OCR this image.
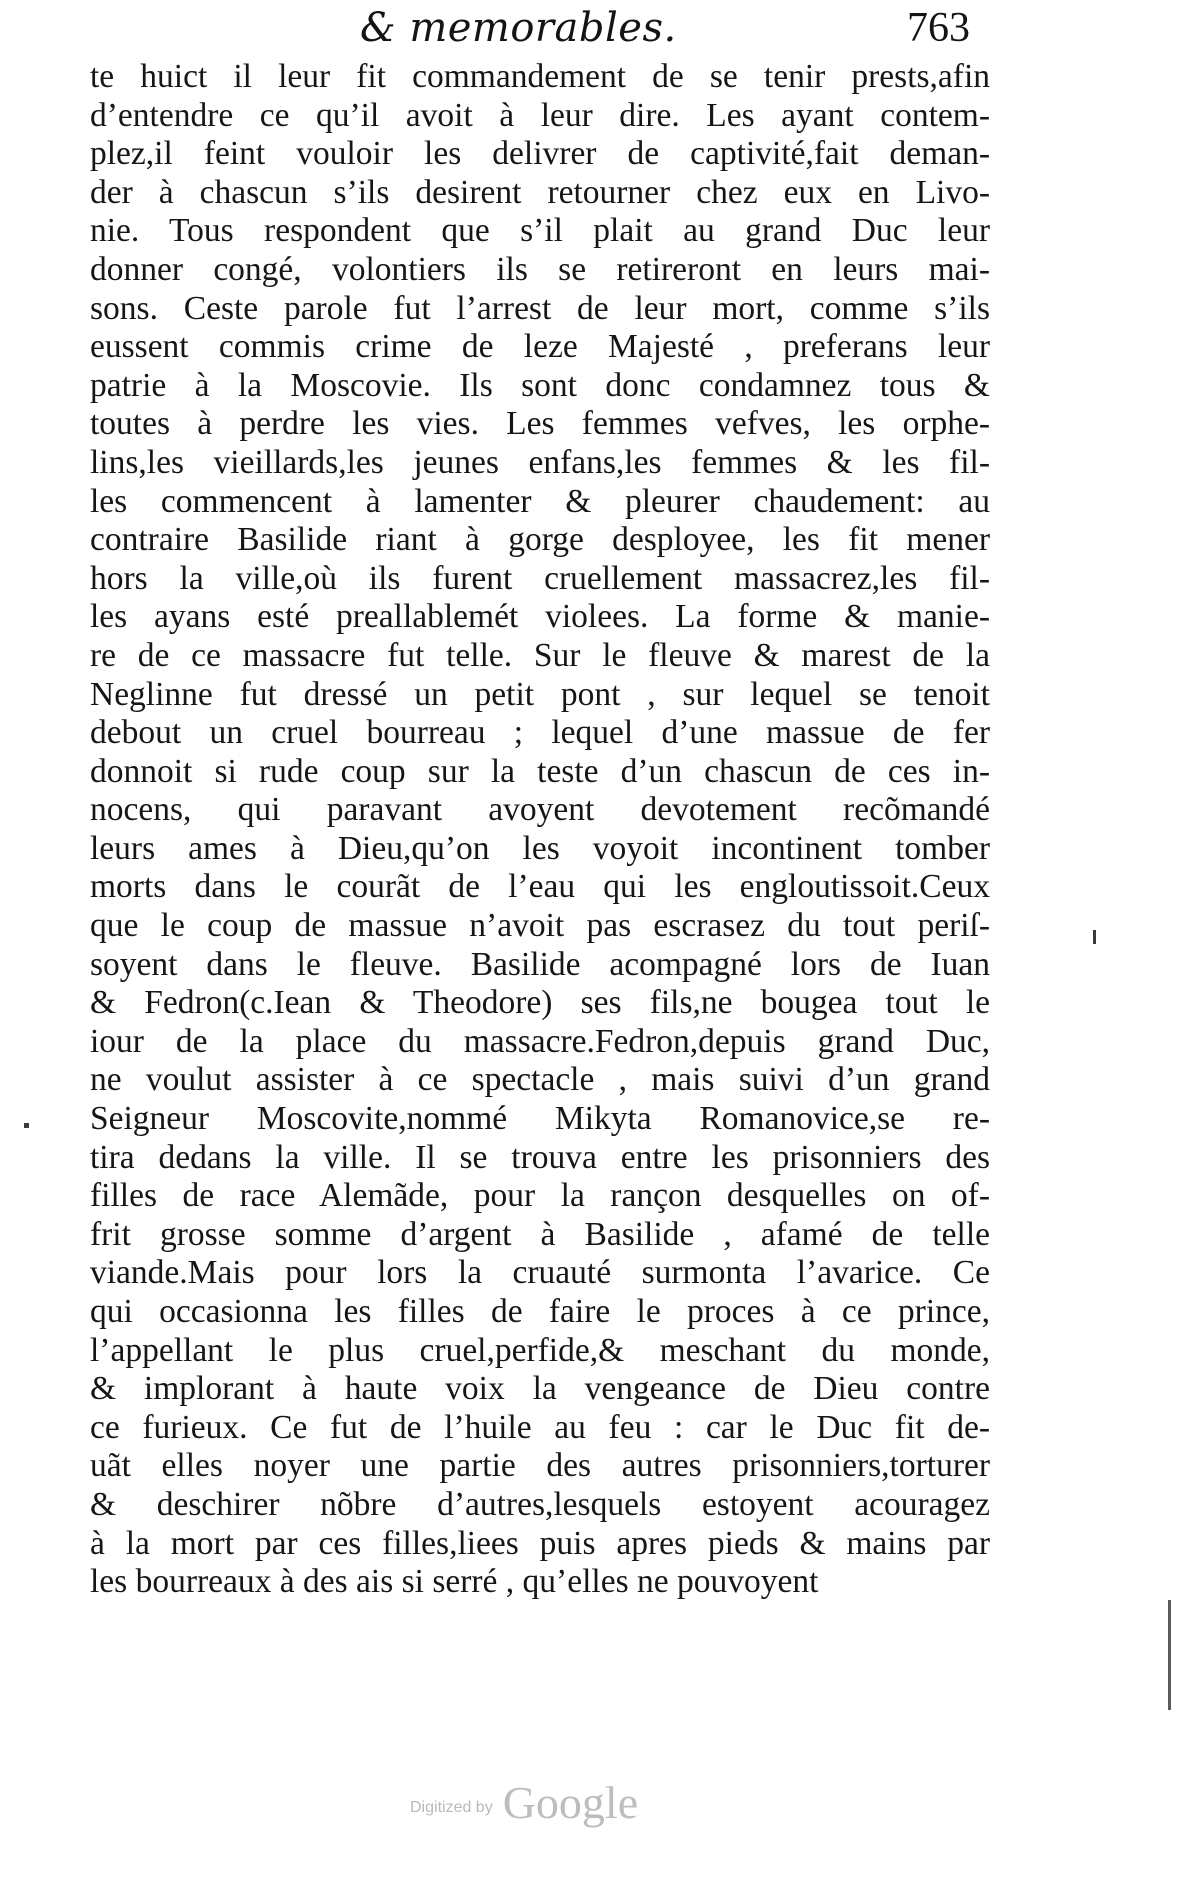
& memorables.	763
te huict il leur fit commandement de se tenir prests,afin
d’entendre ce qu’il avoit à leur dire. Les ayant contem-
plez,il feint vouloir les delivrer de captivité,fait deman-
der à chascun s’ils desirent retourner chez eux en Livo-
nie. Tous respondent que s’il plait au grand Duc leur
donner congé, volontiers ils se retireront en leurs mai-
sons. Ceste parole fut l’arrest de leur mort, comme s’ils
eussent commis crime de leze Majesté , preferans leur
patrie à la Moscovie. Ils sont donc condamnez tous &
toutes à perdre les vies. Les femmes vefves, les orphe-
lins,les vieillards,les jeunes enfans,les femmes & les fil-
les commencent à lamenter & pleurer chaudement: au
contraire Basilide riant à gorge desployee, les fit mener
hors la ville,où ils furent cruellement massacrez,les fil-
les ayans esté preallablemét violees. La forme & manie-
re de ce massacre fut telle. Sur le fleuve & marest de la
Neglinne fut dressé un petit pont , sur lequel se tenoit
debout un cruel bourreau ; lequel d’une massue de fer
donnoit si rude coup sur la teste d’un chascun de ces in-
nocens, qui paravant avoyent devotement recõmandé
leurs ames à Dieu,qu’on les voyoit incontinent tomber
morts dans le courãt de l’eau qui les engloutissoit.Ceux
que le coup de massue n’avoit pas escrasez du tout periſ-
soyent dans le fleuve. Basilide acompagné lors de Iuan
& Fedron(c.Iean & Theodore) ses fils,ne bougea tout le
iour de la place du massacre.Fedron,depuis grand Duc,
ne voulut assister à ce spectacle , mais suivi d’un grand
Seigneur Moscovite,nommé Mikyta Romanovice,se re-
tira dedans la ville. Il se trouva entre les prisonniers des
filles de race Alemãde, pour la rançon desquelles on of-
frit grosse somme d’argent à Basilide , afamé de telle
viande.Mais pour lors la cruauté surmonta l’avarice. Ce
qui occasionna les filles de faire le proces à ce prince,
l’appellant le plus cruel,perfide,& meschant du monde,
& implorant à haute voix la vengeance de Dieu contre
ce furieux. Ce fut de l’huile au feu : car le Duc fit de-
uãt elles noyer une partie des autres prisonniers,torturer
& deschirer nõbre d’autres,lesquels estoyent acouragez
à la mort par ces filles,liees puis apres pieds & mains par
les bourreaux à des ais si serré , qu’elles ne pouvoyent
Digitized by Google
